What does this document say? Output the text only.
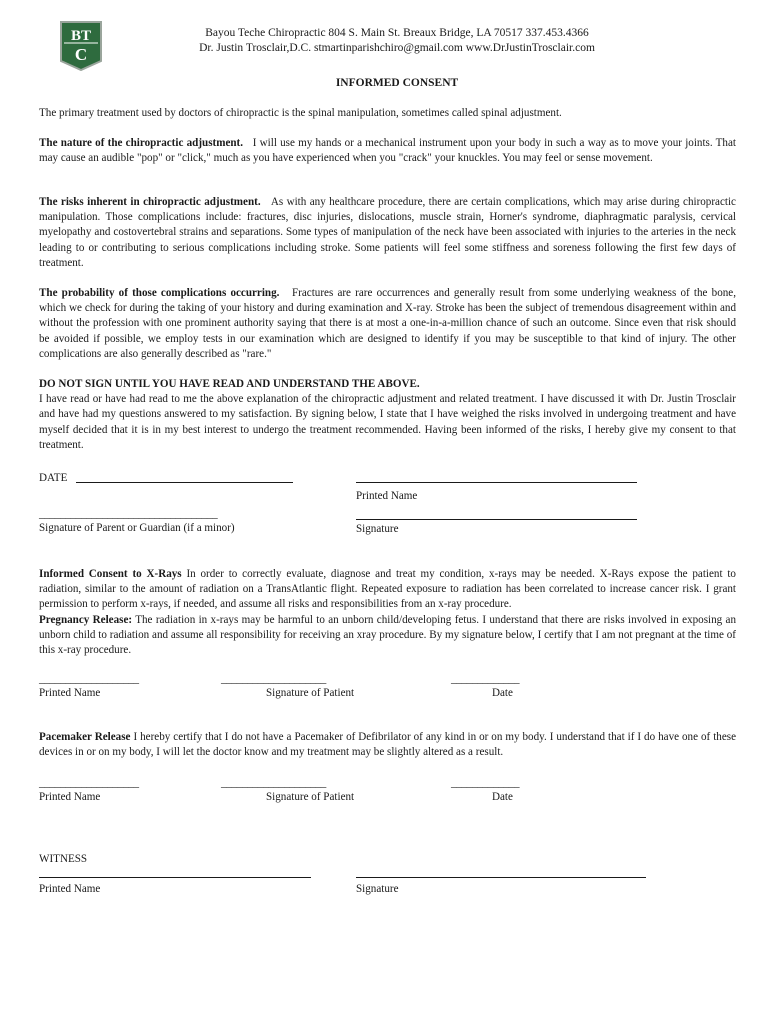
BT
C
Bayou Teche Chiropractic 804 S. Main St. Breaux Bridge, LA 70517 337.453.4366
Dr. Justin Trosclair,D.C. stmartinparishchiro@gmail.com www.DrJustinTrosclair.com
INFORMED CONSENT
The primary treatment used by doctors of chiropractic is the spinal manipulation, sometimes called spinal adjustment.
The nature of the chiropractic adjustment. I will use my hands or a mechanical instrument upon your body in such a way as to move your joints. That may cause an audible "pop" or "click," much as you have experienced when you "crack" your knuckles. You may feel or sense movement.
The risks inherent in chiropractic adjustment. As with any healthcare procedure, there are certain complications, which may arise during chiropractic manipulation. Those complications include: fractures, disc injuries, dislocations, muscle strain, Horner's syndrome, diaphragmatic paralysis, cervical myelopathy and costovertebral strains and separations. Some types of manipulation of the neck have been associated with injuries to the arteries in the neck leading to or contributing to serious complications including stroke. Some patients will feel some stiffness and soreness following the first few days of treatment.
The probability of those complications occurring. Fractures are rare occurrences and generally result from some underlying weakness of the bone, which we check for during the taking of your history and during examination and X-ray. Stroke has been the subject of tremendous disagreement within and without the profession with one prominent authority saying that there is at most a one-in-a-million chance of such an outcome. Since even that risk should be avoided if possible, we employ tests in our examination which are designed to identify if you may be susceptible to that kind of injury. The other complications are also generally described as "rare."
DO NOT SIGN UNTIL YOU HAVE READ AND UNDERSTAND THE ABOVE.
I have read or have had read to me the above explanation of the chiropractic adjustment and related treatment. I have discussed it with Dr. Justin Trosclair and have had my questions answered to my satisfaction. By signing below, I state that I have weighed the risks involved in undergoing treatment and have myself decided that it is in my best interest to undergo the treatment recommended. Having been informed of the risks, I hereby give my consent to that treatment.
DATE
Printed Name
__________________________________
Signature of Parent or Guardian (if a minor)	Signature
Informed Consent to X-Rays In order to correctly evaluate, diagnose and treat my condition, x-rays may be needed. X-Rays expose the patient to radiation, similar to the amount of radiation on a TransAtlantic flight. Repeated exposure to radiation has been correlated to increase cancer risk. I grant permission to perform x-rays, if needed, and assume all risks and responsibilities from an x-ray procedure.
Pregnancy Release: The radiation in x-rays may be harmful to an unborn child/developing fetus. I understand that there are risks involved in exposing an unborn child to radiation and assume all responsibility for receiving an xray procedure. By my signature below, I certify that I am not pregnant at the time of this x-ray procedure.
___________________	____________________	_____________
Printed Name	Signature of Patient	Date
Pacemaker Release I hereby certify that I do not have a Pacemaker of Defibrilator of any kind in or on my body. I understand that if I do have one of these devices in or on my body, I will let the doctor know and my treatment may be slightly altered as a result.
___________________	____________________	_____________
Printed Name	Signature of Patient	Date
WITNESS
Printed Name	Signature
